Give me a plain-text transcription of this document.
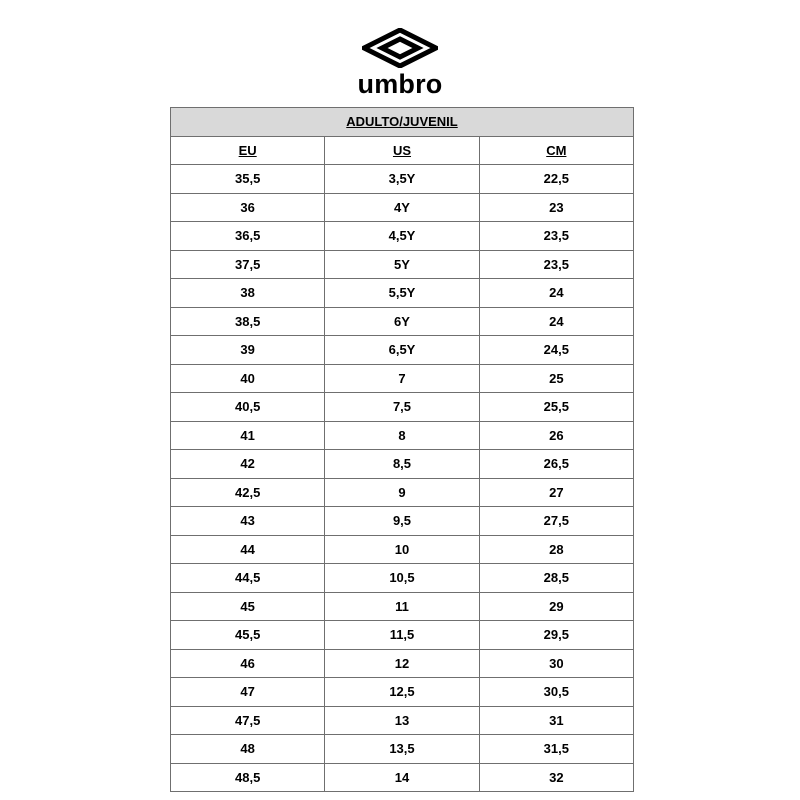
umbro
ADULTO/JUVENIL		
EU	US	CM
35,5	3,5Y	22,5
36	4Y	23
36,5	4,5Y	23,5
37,5	5Y	23,5
38	5,5Y	24
38,5	6Y	24
39	6,5Y	24,5
40	7	25
40,5	7,5	25,5
41	8	26
42	8,5	26,5
42,5	9	27
43	9,5	27,5
44	10	28
44,5	10,5	28,5
45	11	29
45,5	11,5	29,5
46	12	30
47	12,5	30,5
47,5	13	31
48	13,5	31,5
48,5	14	32
